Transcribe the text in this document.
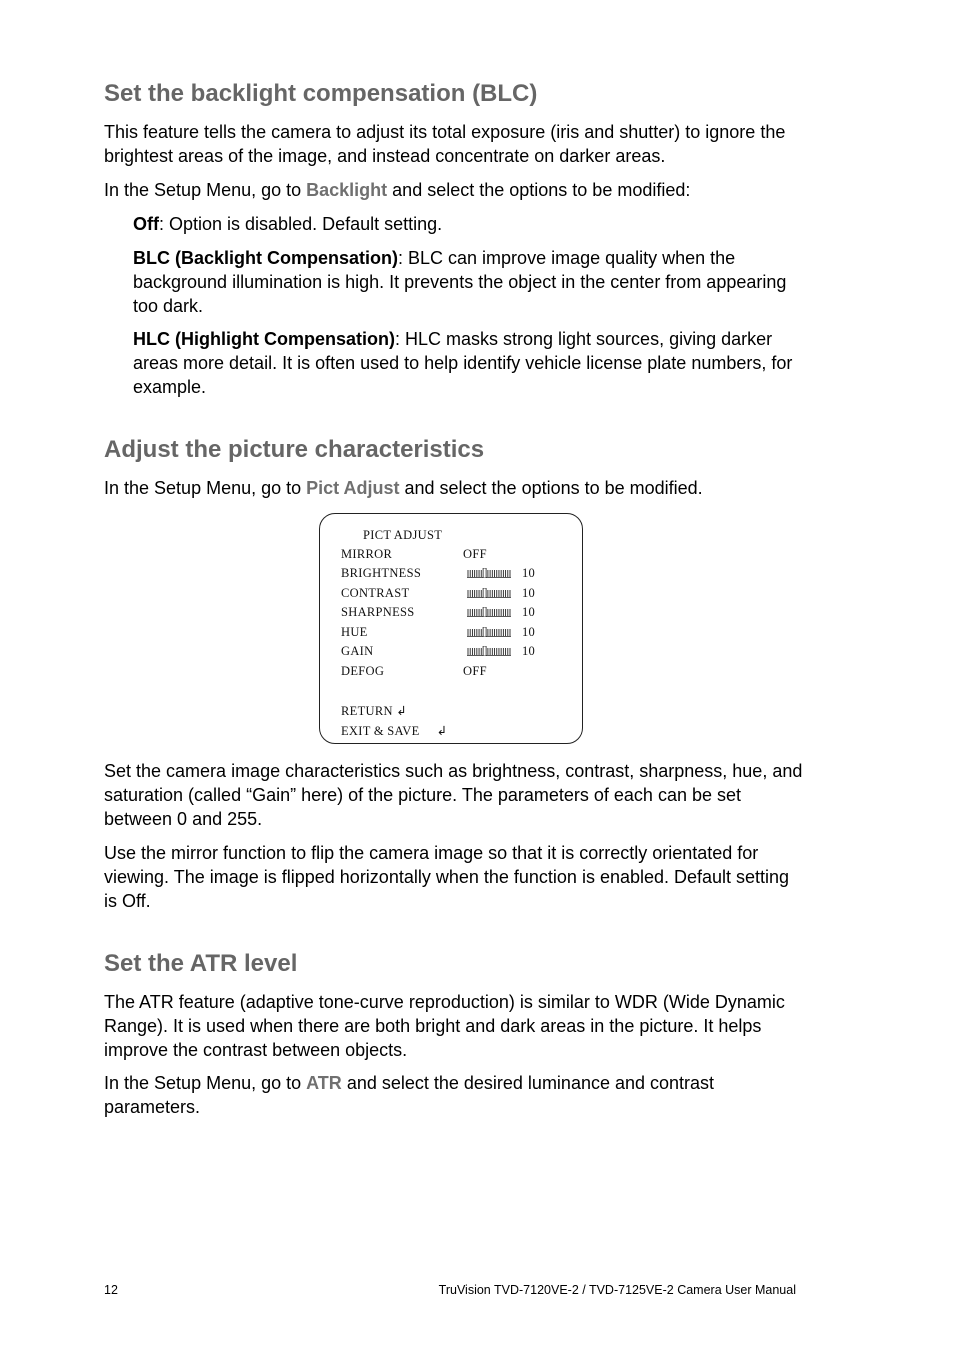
Set the backlight compensation (BLC)

This feature tells the camera to adjust its total exposure (iris and shutter) to ignore the brightest areas of the image, and instead concentrate on darker areas.

In the Setup Menu, go to Backlight and select the options to be modified:

Off: Option is disabled. Default setting.

BLC (Backlight Compensation): BLC can improve image quality when the background illumination is high. It prevents the object in the center from appearing too dark.

HLC (Highlight Compensation): HLC masks strong light sources, giving darker areas more detail. It is often used to help identify vehicle license plate numbers, for example.

Adjust the picture characteristics

In the Setup Menu, go to Pict Adjust and select the options to be modified.

Set the camera image characteristics such as brightness, contrast, sharpness, hue, and saturation (called “Gain” here) of the picture. The parameters of each can be set between 0 and 255.

Use the mirror function to flip the camera image so that it is correctly orientated for viewing. The image is flipped horizontally when the function is enabled. Default setting is Off.

Set the ATR level

The ATR feature (adaptive tone-curve reproduction) is similar to WDR (Wide Dynamic Range). It is used when there are both bright and dark areas in the picture. It helps improve the contrast between objects.

In the Setup Menu, go to ATR and select the desired luminance and contrast parameters.

PICT ADJUST
MIRROR	OFF
BRIGHTNESS	10
CONTRAST	10
SHARPNESS	10
HUE	10
GAIN	10
DEFOG	OFF
RETURN ↲
EXIT & SAVE ↲
12	TruVision TVD-7120VE-2 / TVD-7125VE-2 Camera User Manual
